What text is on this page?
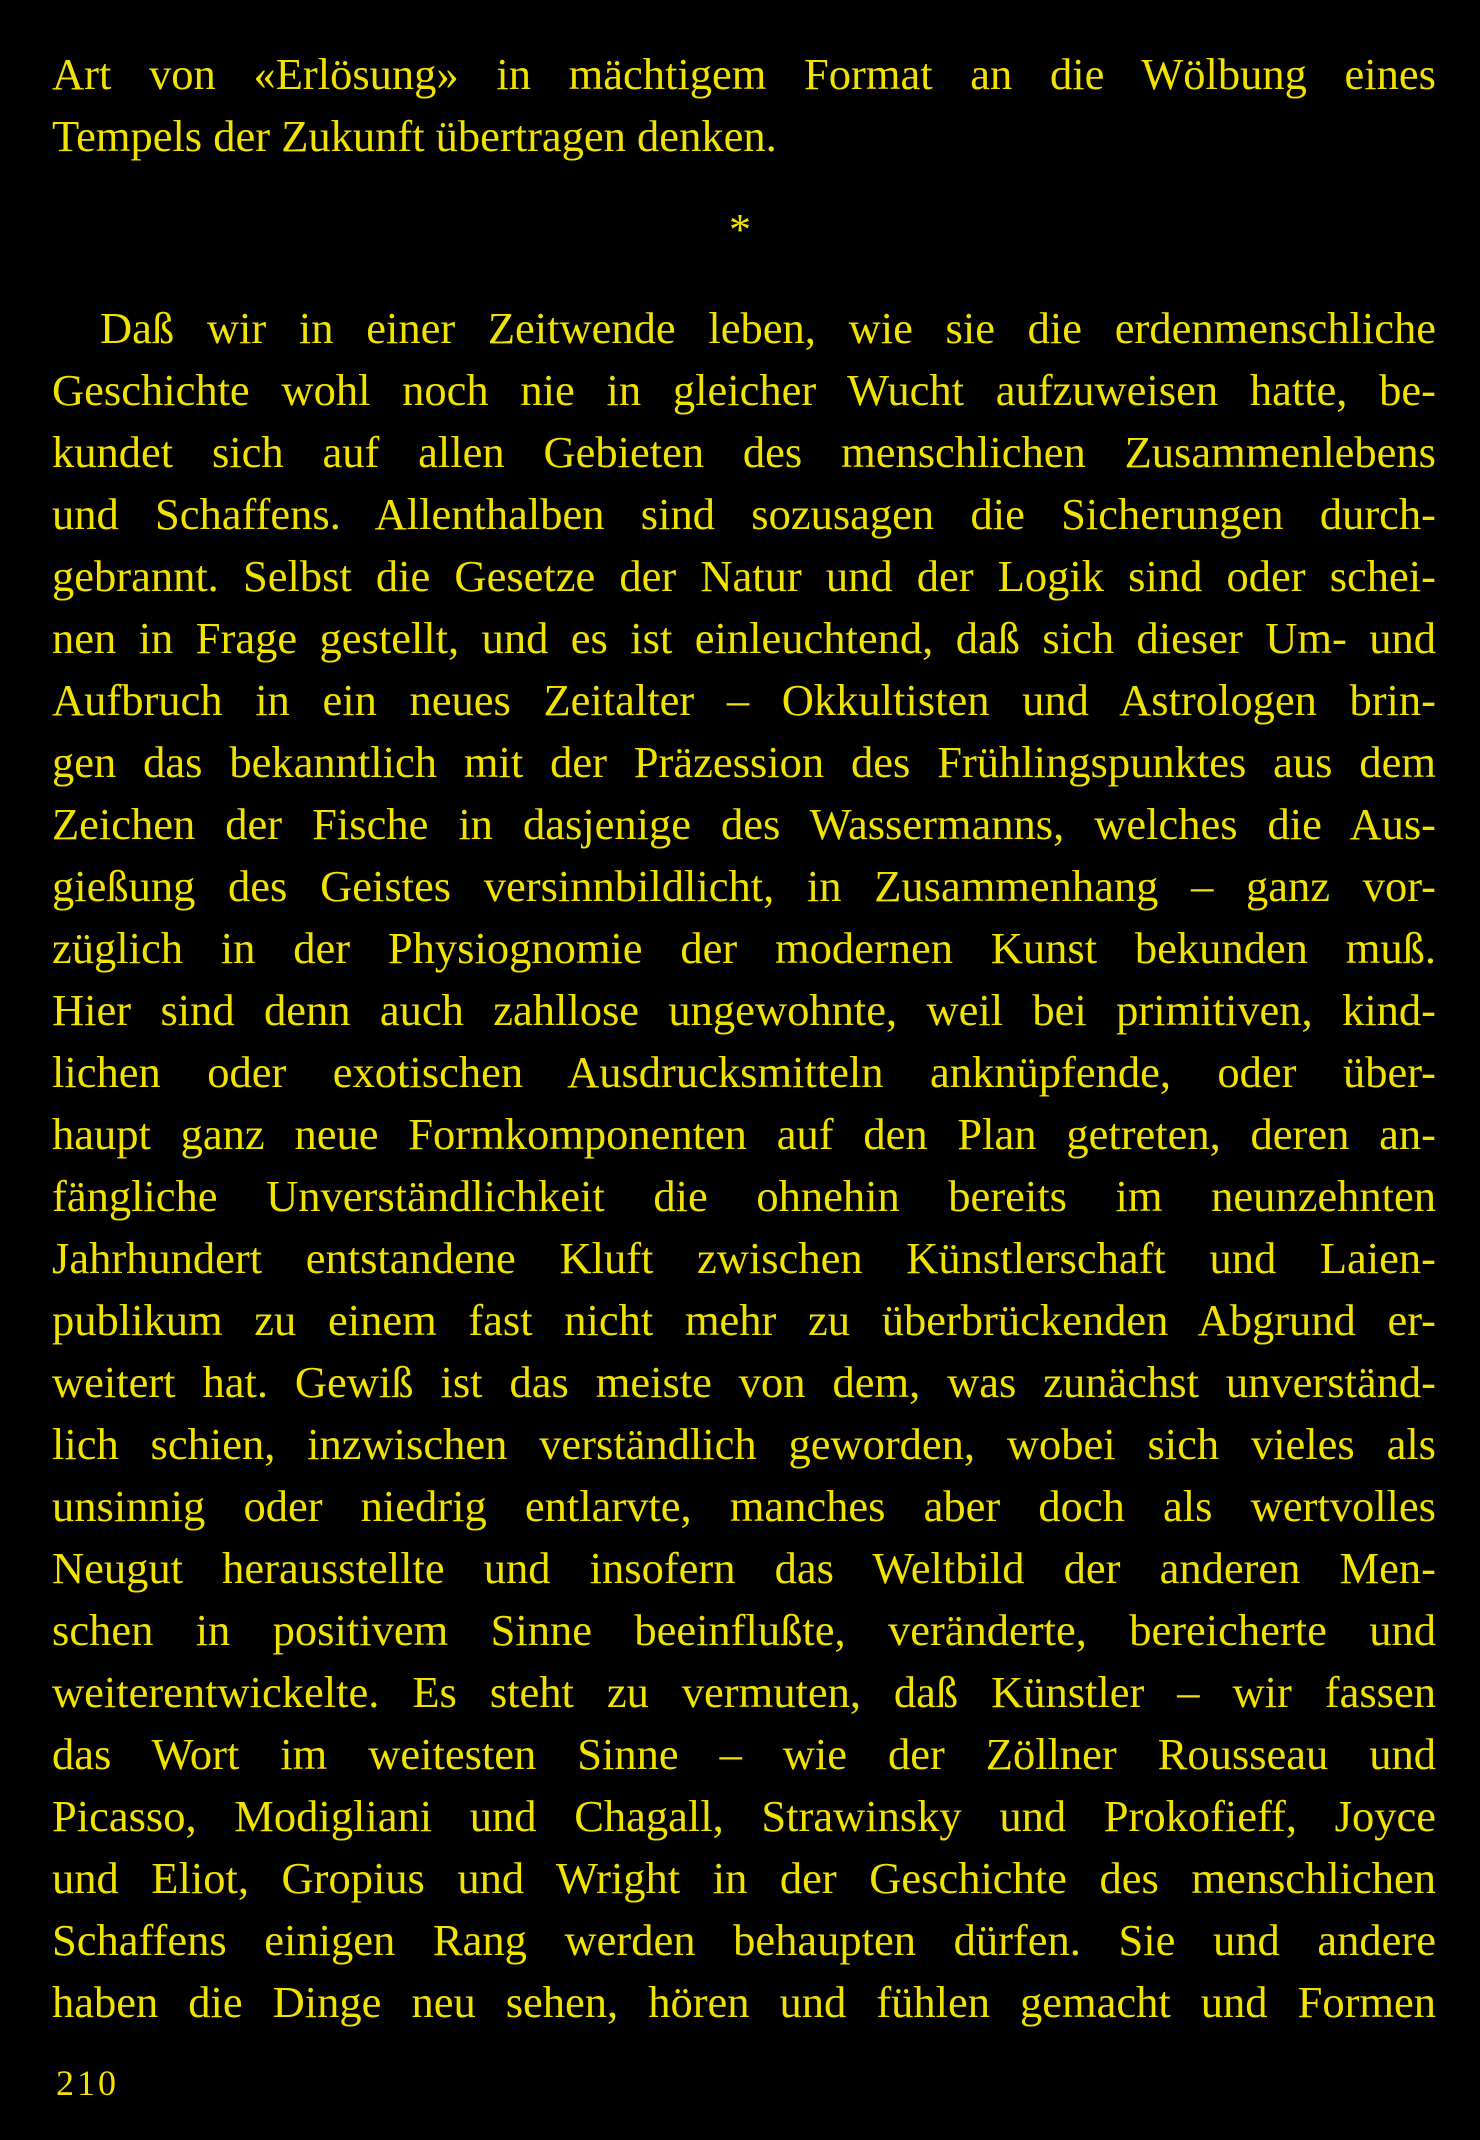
Art von «Erlösung» in mächtigem Format an die Wölbung eines
Tempels der Zukunft übertragen denken.
*
Daß wir in einer Zeitwende leben, wie sie die erdenmenschliche
Geschichte wohl noch nie in gleicher Wucht aufzuweisen hatte, be-
kundet sich auf allen Gebieten des menschlichen Zusammenlebens
und Schaffens. Allenthalben sind sozusagen die Sicherungen durch-
gebrannt. Selbst die Gesetze der Natur und der Logik sind oder schei-
nen in Frage gestellt, und es ist einleuchtend, daß sich dieser Um- und
Aufbruch in ein neues Zeitalter – Okkultisten und Astrologen brin-
gen das bekanntlich mit der Präzession des Frühlingspunktes aus dem
Zeichen der Fische in dasjenige des Wassermanns, welches die Aus-
gießung des Geistes versinnbildlicht, in Zusammenhang – ganz vor-
züglich in der Physiognomie der modernen Kunst bekunden muß.
Hier sind denn auch zahllose ungewohnte, weil bei primitiven, kind-
lichen oder exotischen Ausdrucksmitteln anknüpfende, oder über-
haupt ganz neue Formkomponenten auf den Plan getreten, deren an-
fängliche Unverständlichkeit die ohnehin bereits im neunzehnten
Jahrhundert entstandene Kluft zwischen Künstlerschaft und Laien-
publikum zu einem fast nicht mehr zu überbrückenden Abgrund er-
weitert hat. Gewiß ist das meiste von dem, was zunächst unverständ-
lich schien, inzwischen verständlich geworden, wobei sich vieles als
unsinnig oder niedrig entlarvte, manches aber doch als wertvolles
Neugut herausstellte und insofern das Weltbild der anderen Men-
schen in positivem Sinne beeinflußte, veränderte, bereicherte und
weiterentwickelte. Es steht zu vermuten, daß Künstler – wir fassen
das Wort im weitesten Sinne – wie der Zöllner Rousseau und
Picasso, Modigliani und Chagall, Strawinsky und Prokofieff, Joyce
und Eliot, Gropius und Wright in der Geschichte des menschlichen
Schaffens einigen Rang werden behaupten dürfen. Sie und andere
haben die Dinge neu sehen, hören und fühlen gemacht und Formen
210
